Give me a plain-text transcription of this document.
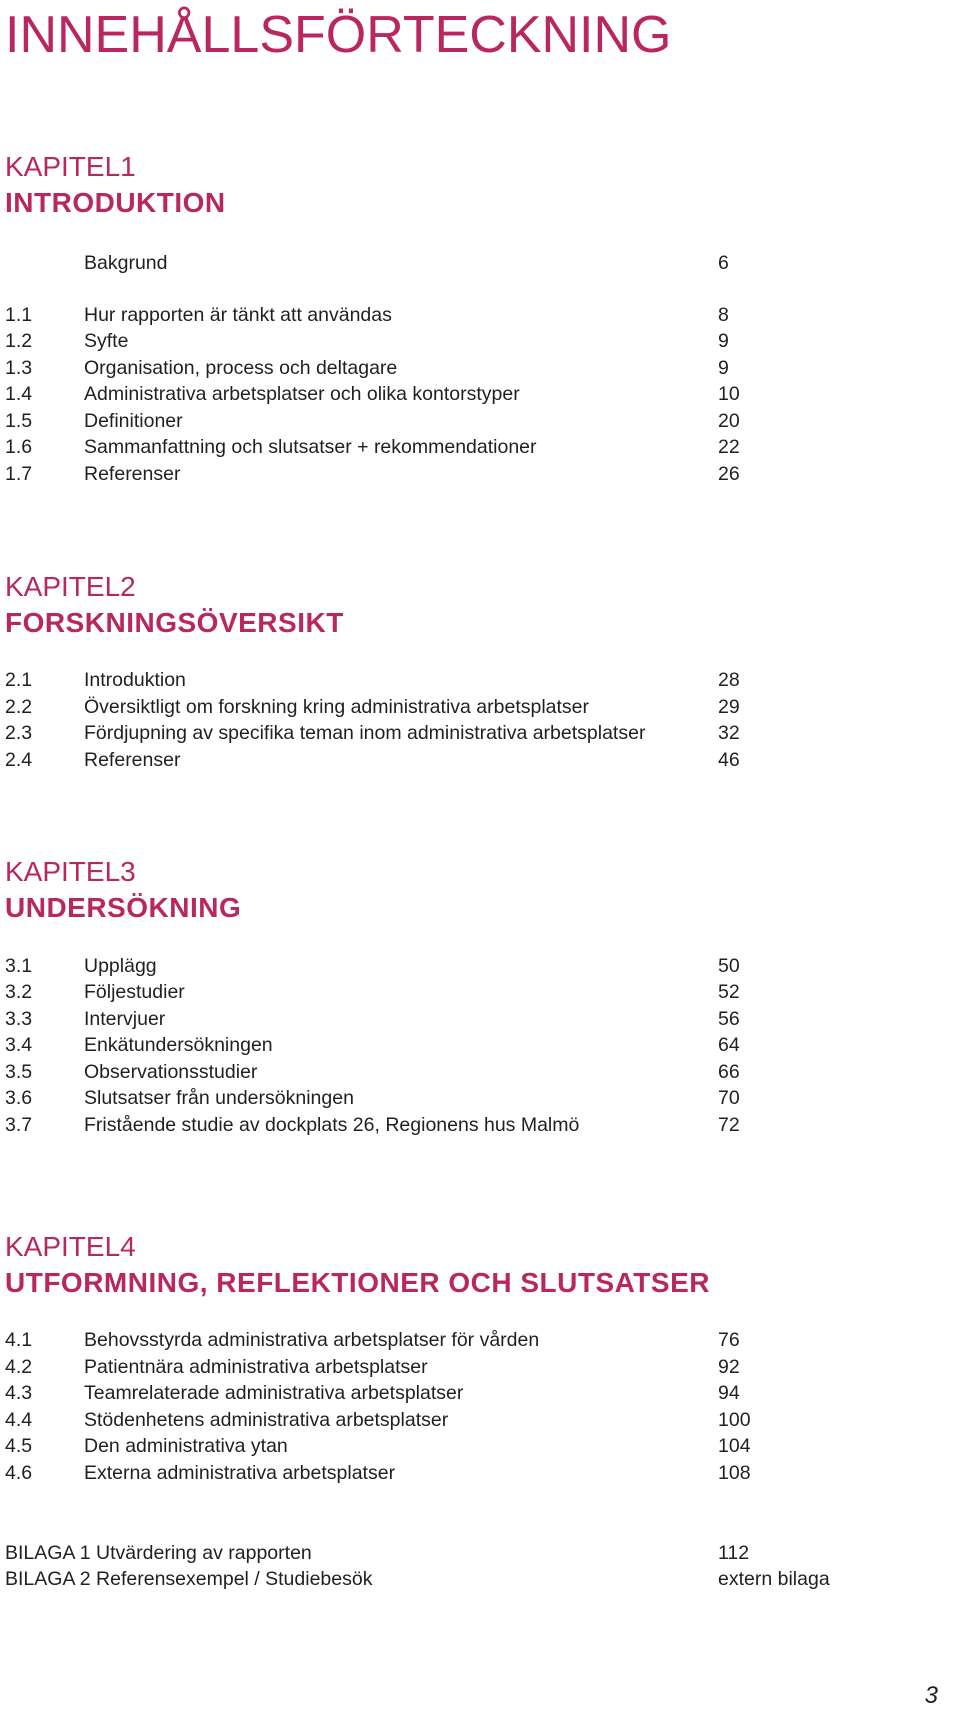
INNEHÅLLSFÖRTECKNING
KAPITEL1
INTRODUKTION
Bakgrund	6
1.1	Hur rapporten är tänkt att användas	8
1.2	Syfte	9
1.3	Organisation, process och deltagare	9
1.4	Administrativa arbetsplatser och olika kontorstyper	10
1.5	Definitioner	20
1.6	Sammanfattning och slutsatser + rekommendationer	22
1.7	Referenser	26
KAPITEL2
FORSKNINGSÖVERSIKT
2.1	Introduktion	28
2.2	Översiktligt om forskning kring administrativa arbetsplatser	29
2.3	Fördjupning av specifika teman inom administrativa arbetsplatser	32
2.4	Referenser	46
KAPITEL3
UNDERSÖKNING
3.1	Upplägg	50
3.2	Följestudier	52
3.3	Intervjuer	56
3.4	Enkätundersökningen	64
3.5	Observationsstudier	66
3.6	Slutsatser från undersökningen	70
3.7	Fristående studie av dockplats 26, Regionens hus Malmö	72
KAPITEL4
UTFORMNING, REFLEKTIONER OCH SLUTSATSER
4.1	Behovsstyrda administrativa arbetsplatser för vården	76
4.2	Patientnära administrativa arbetsplatser	92
4.3	Teamrelaterade administrativa arbetsplatser	94
4.4	Stödenhetens administrativa arbetsplatser	100
4.5	Den administrativa ytan	104
4.6	Externa administrativa arbetsplatser	108
BILAGA 1 Utvärdering av rapporten	112
BILAGA 2 Referensexempel / Studiebesök	extern bilaga
3
